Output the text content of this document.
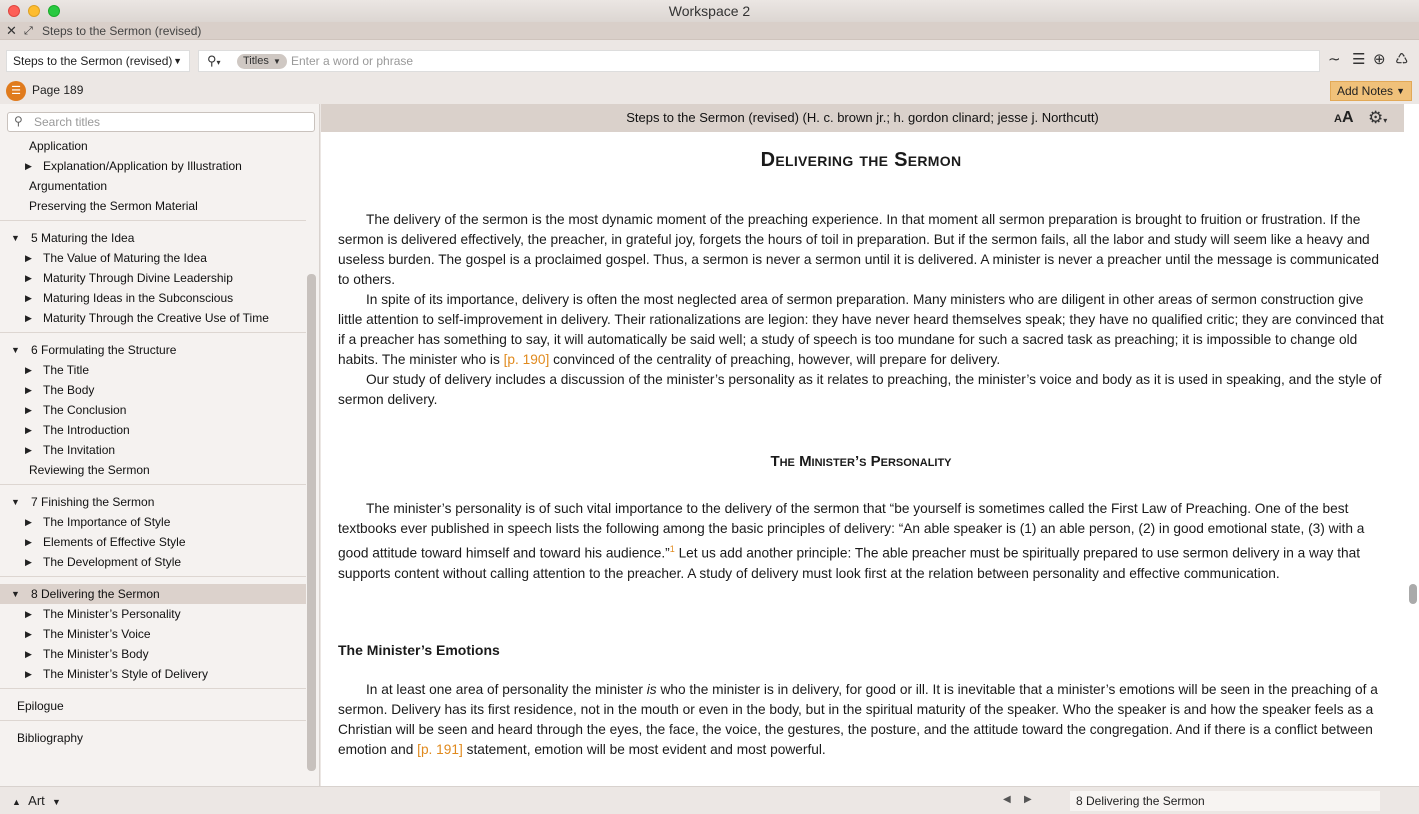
Workspace 2
✕ ⤢ Steps to the Sermon (revised)
Steps to the Sermon (revised) ▼ ⚲▾	Titles ▼
Enter a word or phrase	∼ ☰ ⊕ ♺
☰ Page 189	Add Notes ▼
⚲
Search titles
Application
▶ Explanation/Application by Illustration
Argumentation
Preserving the Sermon Material
▼ 5 Maturing the Idea
▶ The Value of Maturing the Idea
▶ Maturity Through Divine Leadership
▶ Maturing Ideas in the Subconscious
▶ Maturity Through the Creative Use of Time
▼ 6 Formulating the Structure
▶ The Title
▶ The Body
▶ The Conclusion
▶ The Introduction
▶ The Invitation
Reviewing the Sermon
▼ 7 Finishing the Sermon
▶ The Importance of Style
▶ Elements of Effective Style
▶ The Development of Style
▼ 8 Delivering the Sermon
▶ The Minister’s Personality
▶ The Minister’s Voice
▶ The Minister’s Body
▶ The Minister’s Style of Delivery
Epilogue
Bibliography
Steps to the Sermon (revised) (H. c. brown jr.; h. gordon clinard; jesse j. Northcutt)	AA ⚙▾
Delivering the Sermon

The delivery of the sermon is the most dynamic moment of the preaching experience. In that moment all sermon preparation is brought to fruition or frustration. If the sermon is delivered effectively, the preacher, in grateful joy, forgets the hours of toil in preparation. But if the sermon fails, all the labor and study will seem like a heavy and useless burden. The gospel is a proclaimed gospel. Thus, a sermon is never a sermon until it is delivered. A minister is never a preacher until the message is communicated to others.

In spite of its importance, delivery is often the most neglected area of sermon preparation. Many ministers who are diligent in other areas of sermon construction give little attention to self-improvement in delivery. Their rationalizations are legion: they have never heard themselves speak; they have no qualified critic; they are convinced that if a preacher has something to say, it will automatically be said well; a study of speech is too mundane for such a sacred task as preaching; it is impossible to change old habits. The minister who is [p. 190] convinced of the centrality of preaching, however, will prepare for delivery.

Our study of delivery includes a discussion of the minister’s personality as it relates to preaching, the minister’s voice and body as it is used in speaking, and the style of sermon delivery.

The Minister’s Personality

The minister’s personality is of such vital importance to the delivery of the sermon that “be yourself is sometimes called the First Law of Preaching. One of the best textbooks ever published in speech lists the following among the basic principles of delivery: “An able speaker is (1) an able person, (2) in good emotional state, (3) with a good attitude toward himself and toward his audience.”$^1$ Let us add another principle: The able preacher must be spiritually prepared to use sermon delivery in a way that supports content without calling attention to the preacher. A study of delivery must look first at the relation between personality and effective communication.

The Minister’s Emotions

In at least one area of personality the minister is who the minister is in delivery, for good or ill. It is inevitable that a minister’s emotions will be seen in the preaching of a sermon. Delivery has its first residence, not in the mouth or even in the body, but in the spiritual maturity of the speaker. Who the speaker is and how the speaker feels as a Christian will be seen and heard through the eyes, the face, the voice, the gestures, the posture, and the attitude toward the congregation. And if there is a conflict between emotion and [p. 191] statement, emotion will be most evident and most powerful.

▲ Art ▼	◀ ▶	8 Delivering the Sermon
